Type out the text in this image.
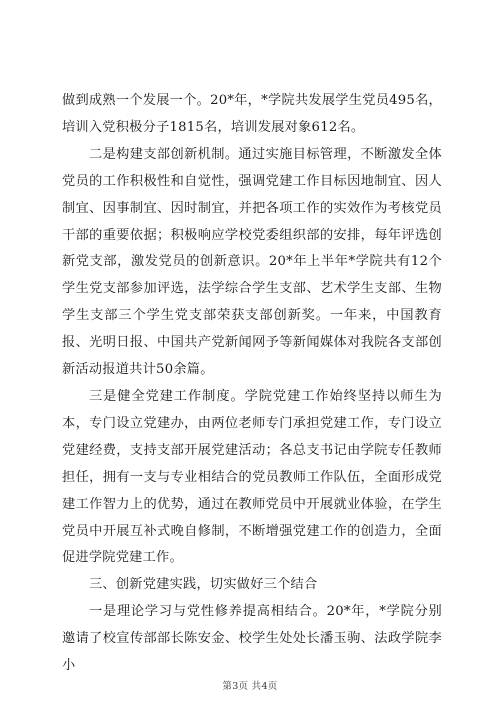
做到成熟一个发展一个。20*年，*学院共发展学生党员495名，培训入党积极分子1815名，培训发展对象612名。

二是构建支部创新机制。通过实施目标管理，不断激发全体党员的工作积极性和自觉性，强调党建工作目标因地制宜、因人制宜、因事制宜、因时制宜，并把各项工作的实效作为考核党员干部的重要依据；积极响应学校党委组织部的安排，每年评选创新党支部，激发党员的创新意识。20*年上半年*学院共有12个学生党支部参加评选，法学综合学生支部、艺术学生支部、生物学生支部三个学生党支部荣获支部创新奖。一年来，中国教育报、光明日报、中国共产党新闻网予等新闻媒体对我院各支部创新活动报道共计50余篇。

三是健全党建工作制度。学院党建工作始终坚持以师生为本，专门设立党建办，由两位老师专门承担党建工作，专门设立党建经费，支持支部开展党建活动；各总支书记由学院专任教师担任，拥有一支与专业相结合的党员教师工作队伍，全面形成党建工作智力上的优势，通过在教师党员中开展就业体验，在学生党员中开展互补式晚自修制，不断增强党建工作的创造力，全面促进学院党建工作。

三、创新党建实践，切实做好三个结合

一是理论学习与党性修养提高相结合。20*年，*学院分别邀请了校宣传部部长陈安金、校学生处处长潘玉驹、法政学院李小

第3页 共4页
